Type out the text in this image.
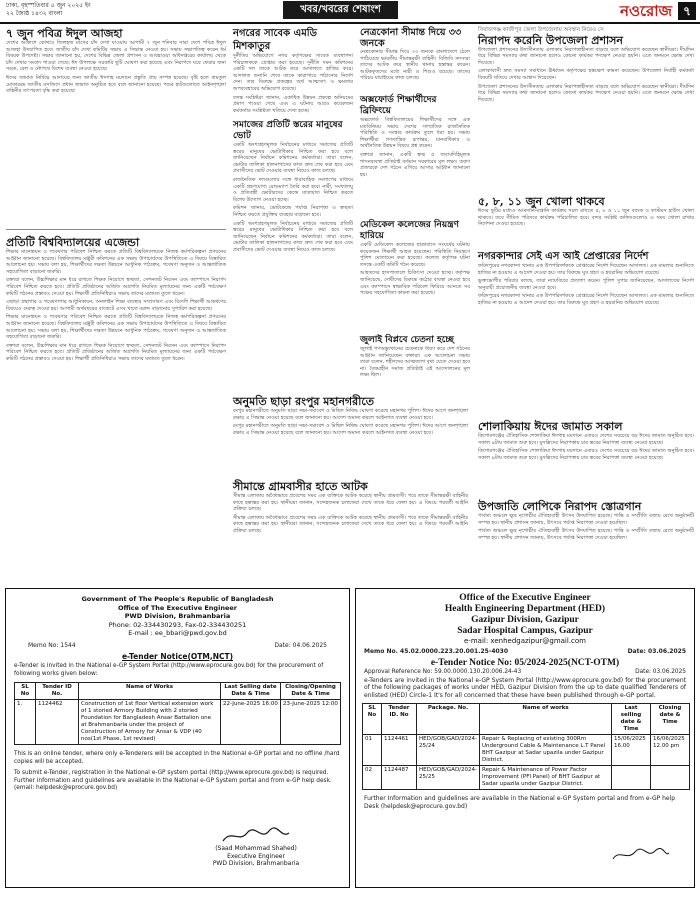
ঢাকা, বৃহস্পতিবার ৫ জুন ২০২৫ ইং
২২ জ্যৈষ্ঠ ১৪৩২ বাংলা	খবর/খবরের শেষাংশ	নওরোজ ৭
৭ জুন পবিত্র ঈদুল আজহা

দেশের আকাশে কোথাও জিলহজ মাসের চাঁদ দেখা যাওয়ায় আগামী ৭ জুন শনিবার সারা দেশে পবিত্র ঈদুল আজহা উদযাপিত হবে। জাতীয় চাঁদ দেখা কমিটির সভায় এ সিদ্ধান্ত নেওয়া হয়। সভায় সভাপতিত্ব করেন ধর্ম বিষয়ক উপদেষ্টা। সভায় জানানো হয়, দেশের বিভিন্ন জেলা প্রশাসন ও আবহাওয়া অধিদপ্তরের কার্যালয় থেকে চাঁদ দেখার সংবাদ পাওয়া গেছে। ঈদ উপলক্ষে সরকারি ছুটি ঘোষণা করা হয়েছে এবং নিরাপদে ঘরে ফেরার জন্য সড়ক, রেল ও নৌপথে বিশেষ ব্যবস্থা নেওয়া হয়েছে।

ঈদের জামাত নির্বিঘ্নে আদায়ের জন্য জাতীয় ঈদগাহ ময়দানে প্রস্তুতি প্রায় সম্পন্ন হয়েছে। বৃষ্টি হলে বায়তুল মোকাররম জাতীয় মসজিদে প্রধান জামাত অনুষ্ঠিত হবে বলে জানানো হয়েছে। পশুর হাটগুলোতে আইনশৃঙ্খলা বাহিনীর তৎপরতা বৃদ্ধি করা হয়েছে।

প্রতিটি বিশ্ববিদ্যালয়ের এজেন্ডা

শিক্ষার মানোন্নয়ন ও গবেষণার পরিবেশ নিশ্চিত করতে প্রতিটি বিশ্ববিদ্যালয়কে নিজস্ব কর্মপরিকল্পনা প্রণয়নের আহ্বান জানানো হয়েছে। বিশ্ববিদ্যালয় মঞ্জুরী কমিশনের এক সভায় উপাচার্যদের উপস্থিতিতে এ বিষয়ে বিস্তারিত আলোচনা হয়। সভায় বলা হয়, শিক্ষার্থীদের দক্ষতা উন্নয়নে আধুনিক পাঠ্যক্রম, গবেষণা অনুদান ও আন্তর্জাতিক সহযোগিতা বাড়ানো জরুরি।

বক্তারা বলেন, উচ্চশিক্ষার মান ধরে রাখতে শিক্ষক নিয়োগে স্বচ্ছতা, সেশনজট নিরসন এবং ক্যাম্পাসে নিরাপদ পরিবেশ নিশ্চিত করতে হবে। প্রতিটি প্রতিষ্ঠানের অর্জিত অগ্রগতি নিয়মিত মূল্যায়নের জন্য একটি পর্যবেক্ষণ কমিটি গঠনের প্রস্তাবও দেওয়া হয়। শিক্ষার্থী প্রতিনিধিরাও সভায় তাদের মতামত তুলে ধরেন।

এছাড়া গ্রন্থাগার ও গবেষণাগার আধুনিকায়ন, অনলাইন শিক্ষা ব্যবস্থার সম্প্রসারণ এবং বিদেশি শিক্ষার্থী আকর্ষণের বিষয়েও গুরুত্ব দেওয়া হয়। আগামী অর্থবছরের বাজেটে এসব খাতে বরাদ্দ বাড়ানোর সুপারিশ করা হয়েছে।

শিক্ষার মানোন্নয়ন ও গবেষণার পরিবেশ নিশ্চিত করতে প্রতিটি বিশ্ববিদ্যালয়কে নিজস্ব কর্মপরিকল্পনা প্রণয়নের আহ্বান জানানো হয়েছে। বিশ্ববিদ্যালয় মঞ্জুরী কমিশনের এক সভায় উপাচার্যদের উপস্থিতিতে এ বিষয়ে বিস্তারিত আলোচনা হয়। সভায় বলা হয়, শিক্ষার্থীদের দক্ষতা উন্নয়নে আধুনিক পাঠ্যক্রম, গবেষণা অনুদান ও আন্তর্জাতিক সহযোগিতা বাড়ানো জরুরি।

বক্তারা বলেন, উচ্চশিক্ষার মান ধরে রাখতে শিক্ষক নিয়োগে স্বচ্ছতা, সেশনজট নিরসন এবং ক্যাম্পাসে নিরাপদ পরিবেশ নিশ্চিত করতে হবে। প্রতিটি প্রতিষ্ঠানের অর্জিত অগ্রগতি নিয়মিত মূল্যায়নের জন্য একটি পর্যবেক্ষণ কমিটি গঠনের প্রস্তাবও দেওয়া হয়। শিক্ষার্থী প্রতিনিধিরাও সভায় তাদের মতামত তুলে ধরেন।

নগরের সাবেক এমডি মিশকাতুর

দুর্নীতির অভিযোগে নগর কর্তৃপক্ষের সাবেক ব্যবস্থাপনা পরিচালককে গ্রেপ্তার করা হয়েছে। দুর্নীতি দমন কমিশনের একটি দল তাকে আটক করে আদালতে হাজির করে। আদালত শুনানি শেষে তাকে কারাগারে পাঠানোর নির্দেশ দেন। তার বিরুদ্ধে প্রকল্পের অর্থ আত্মসাৎ ও ক্ষমতার অপব্যবহারের অভিযোগ রয়েছে।

তদন্ত সংশ্লিষ্টরা জানান, একাধিক উন্নয়ন প্রকল্পে অনিয়মের প্রমাণ পাওয়া গেছে এবং এ ঘটনায় আরও কয়েকজন কর্মকর্তার সংশ্লিষ্টতা খতিয়ে দেখা হচ্ছে।

সমাজের প্রতিটি স্তরের মানুষের ভোট

একটি অংশগ্রহণমূলক নির্বাচনের মাধ্যমে সমাজের প্রতিটি স্তরের মানুষের ভোটাধিকার নিশ্চিত করা হবে বলে জানিয়েছেন নির্বাচন কমিশনের কর্মকর্তারা। তারা বলেন, ভোটার তালিকা হালনাগাদের কাজ দ্রুত শেষ করা হবে এবং প্রবাসীদের ভোট দেওয়ার ব্যবস্থা নিয়েও কাজ চলছে।

রাজনৈতিক দলগুলোর সঙ্গে ধারাবাহিক সংলাপের মাধ্যমে একটি গ্রহণযোগ্য রোডম্যাপ তৈরি করা হবে। নারী, সংখ্যালঘু ও প্রতিবন্ধী ভোটারদের কেন্দ্রে যাতায়াত নিশ্চিত করতে বিশেষ উদ্যোগ নেওয়া হচ্ছে।

কমিশন জানায়, ভোটকেন্দ্রে পর্যাপ্ত নিরাপত্তা ও স্বচ্ছতা নিশ্চিত করতে প্রযুক্তির ব্যবহার বাড়ানো হবে।

একটি অংশগ্রহণমূলক নির্বাচনের মাধ্যমে সমাজের প্রতিটি স্তরের মানুষের ভোটাধিকার নিশ্চিত করা হবে বলে জানিয়েছেন নির্বাচন কমিশনের কর্মকর্তারা। তারা বলেন, ভোটার তালিকা হালনাগাদের কাজ দ্রুত শেষ করা হবে এবং প্রবাসীদের ভোট দেওয়ার ব্যবস্থা নিয়েও কাজ চলছে।

অনুমতি ছাড়া রংপুর মহানগরীতে

রংপুর মহানগরীতে অনুমতি ছাড়া সভা-সমাবেশ ও মিছিল নিষিদ্ধ ঘোষণা করেছে মহানগর পুলিশ। ঈদের আগে জনশৃঙ্খলা রক্ষায় এ সিদ্ধান্ত নেওয়া হয়েছে বলে জানানো হয়। আদেশ অমান্য করলে আইনগত ব্যবস্থা নেওয়া হবে।

রংপুর মহানগরীতে অনুমতি ছাড়া সভা-সমাবেশ ও মিছিল নিষিদ্ধ ঘোষণা করেছে মহানগর পুলিশ। ঈদের আগে জনশৃঙ্খলা রক্ষায় এ সিদ্ধান্ত নেওয়া হয়েছে বলে জানানো হয়। আদেশ অমান্য করলে আইনগত ব্যবস্থা নেওয়া হবে।

সীমান্তে গ্রামবাসীর হাতে আটক

সীমান্ত এলাকায় অবৈধভাবে প্রবেশের সময় এক ব্যক্তিকে আটক করেছে স্থানীয় গ্রামবাসী। পরে তাকে সীমান্তরক্ষী বাহিনীর কাছে হস্তান্তর করা হয়। স্থানীয়রা জানান, সন্দেহজনক চলাফেরা দেখে তাকে ধরে ফেলা হয়। এ বিষয়ে পরবর্তী আইনি প্রক্রিয়া চলছে।

সীমান্ত এলাকায় অবৈধভাবে প্রবেশের সময় এক ব্যক্তিকে আটক করেছে স্থানীয় গ্রামবাসী। পরে তাকে সীমান্তরক্ষী বাহিনীর কাছে হস্তান্তর করা হয়। স্থানীয়রা জানান, সন্দেহজনক চলাফেরা দেখে তাকে ধরে ফেলা হয়। এ বিষয়ে পরবর্তী আইনি প্রক্রিয়া চলছে।

নেত্রকোনা সীমান্ত দিয়ে ৩৩ জনকে

নেত্রকোনার সীমান্ত দিয়ে ৩৩ জনকে বাংলাদেশে ঠেলে পাঠিয়েছে ভারতীয় সীমান্তরক্ষী বাহিনী। বিজিবি সদস্যরা তাদের আটক করে স্থানীয় থানায় হস্তান্তর করেন। আটককৃতদের মধ্যে নারী ও শিশুও রয়েছে। তাদের পরিচয় যাচাইয়ের কাজ চলছে।

অক্সফোর্ড শিক্ষার্থীদের ব্রিফিংয়ে

অক্সফোর্ড বিশ্ববিদ্যালয়ের শিক্ষার্থীদের সঙ্গে এক মতবিনিময় সভায় দেশের সাম্প্রতিক রাজনৈতিক পরিস্থিতি ও সংস্কার কার্যক্রম তুলে ধরা হয়। সভায় শিক্ষার্থীরা গণতান্ত্রিক রূপান্তর, মানবাধিকার ও অর্থনৈতিক উন্নয়ন বিষয়ে প্রশ্ন করেন।

বক্তারা জানান, একটি স্বচ্ছ ও জবাবদিহিমূলক শাসনব্যবস্থা প্রতিষ্ঠাই বর্তমান সরকারের মূল লক্ষ্য। তরুণ প্রজন্মকে দেশ গঠনে এগিয়ে আসার আহ্বান জানানো হয়।

মেডিকেল কলেজের নিয়ন্ত্রণ হারিয়ে

একটি মেডিকেল কলেজের ছাত্রাবাসে সংঘর্ষের ঘটনায় কয়েকজন শিক্ষার্থী আহত হয়েছেন। পরিস্থিতি নিয়ন্ত্রণে পুলিশ মোতায়েন করা হয়েছে। কলেজ কর্তৃপক্ষ ঘটনা তদন্তে একটি কমিটি গঠন করেছে।

আহতদের হাসপাতালে চিকিৎসা দেওয়া হচ্ছে। কর্তৃপক্ষ জানিয়েছে, দোষীদের বিরুদ্ধে কঠোর ব্যবস্থা নেওয়া হবে এবং ক্যাম্পাসে স্বাভাবিক পরিবেশ ফিরিয়ে আনতে সব পক্ষের সহযোগিতা কামনা করা হয়েছে।

জুলাই বিপ্লবে চেতনা হচ্ছে

জুলাই গণঅভ্যুত্থানের চেতনাকে ধারণ করে দেশ গঠনের আহ্বান জানিয়েছেন বক্তারা। এক আলোচনা সভায় তারা বলেন, শহীদদের আত্মত্যাগ বৃথা যেতে দেওয়া হবে না। বৈষম্যহীন সমাজ প্রতিষ্ঠাই এই আন্দোলনের মূল লক্ষ্য ছিল।

সিরাজগঞ্জ কাজীপুর জেলা উপজেলায় অবস্থান নিয়েও সে

নিরাপদ করেনি উপজেলা প্রশাসন

উপজেলা প্রশাসনের উদাসীনতায় এলাকায় নিরাপত্তাহীনতা বাড়ছে বলে অভিযোগ করেছেন স্থানীয়রা। দীর্ঘদিন ধরে বিভিন্ন সমস্যার কথা জানানো হলেও কোনো কার্যকর পদক্ষেপ নেওয়া হয়নি। এতে জনমনে ক্ষোভ দেখা দিয়েছে।

এলাকাবাসী দ্রুত সমস্যা সমাধানে ঊর্ধ্বতন কর্তৃপক্ষের হস্তক্ষেপ কামনা করেছেন। উপজেলা নির্বাহী কর্মকর্তা বিষয়টি খতিয়ে দেখার আশ্বাস দিয়েছেন।

উপজেলা প্রশাসনের উদাসীনতায় এলাকায় নিরাপত্তাহীনতা বাড়ছে বলে অভিযোগ করেছেন স্থানীয়রা। দীর্ঘদিন ধরে বিভিন্ন সমস্যার কথা জানানো হলেও কোনো কার্যকর পদক্ষেপ নেওয়া হয়নি। এতে জনমনে ক্ষোভ দেখা দিয়েছে।

৫, ৮, ১১ জুন খোলা থাকবে

ঈদের ছুটির মধ্যেও আমদানি-রপ্তানি কার্যক্রম সচল রাখতে ৫, ৮ ও ১১ জুন ব্যাংক ও কাস্টমস হাউস খোলা থাকবে। তবে সীমিত পরিসরে কার্যক্রম পরিচালিত হবে। বন্দর সংশ্লিষ্ট অফিসগুলোও এ সময় খোলা রাখার নির্দেশনা দেওয়া হয়েছে।

নগরকান্দার সেই এস আই প্রেপ্তারের নির্দেশ

ফরিদপুরের নগরকান্দা থানার এক উপপরিদর্শককে গ্রেপ্তারের নির্দেশ দিয়েছেন আদালত। এক মামলার শুনানিতে হাজির না হওয়ায় এ আদেশ দেওয়া হয়। তার বিরুদ্ধে ঘুষ গ্রহণ ও হয়রানির অভিযোগ রয়েছে।

ভুক্তভোগীর পরিবার বলছে, তারা ন্যায়বিচার প্রত্যাশা করেন। পুলিশ সুপার জানিয়েছেন, আদালতের নির্দেশ অনুযায়ী প্রয়োজনীয় ব্যবস্থা নেওয়া হবে।

ফরিদপুরের নগরকান্দা থানার এক উপপরিদর্শককে গ্রেপ্তারের নির্দেশ দিয়েছেন আদালত। এক মামলার শুনানিতে হাজির না হওয়ায় এ আদেশ দেওয়া হয়। তার বিরুদ্ধে ঘুষ গ্রহণ ও হয়রানির অভিযোগ রয়েছে।

শোলাকিয়ায় ঈদের জামাত সকাল

কিশোরগঞ্জের ঐতিহাসিক শোলাকিয়া ঈদগাহ ময়দানে এবারও দেশের সবচেয়ে বড় ঈদের জামাত অনুষ্ঠিত হবে। সকাল ৯টায় জামাত শুরু হবে। মুসল্লিদের নিরাপত্তায় চার স্তরের নিরাপত্তা ব্যবস্থা নেওয়া হয়েছে।

কিশোরগঞ্জের ঐতিহাসিক শোলাকিয়া ঈদগাহ ময়দানে এবারও দেশের সবচেয়ে বড় ঈদের জামাত অনুষ্ঠিত হবে। সকাল ৯টায় জামাত শুরু হবে। মুসল্লিদের নিরাপত্তায় চার স্তরের নিরাপত্তা ব্যবস্থা নেওয়া হয়েছে।

উপজাতি লোপিকে নিরাপদ স্তোত্রগান

পার্বত্য অঞ্চলে ক্ষুদ্র নৃগোষ্ঠীর ঐতিহ্যবাহী উৎসব উদযাপিত হয়েছে। শান্তি ও সম্প্রীতি বজায় রেখে অনুষ্ঠানটি সম্পন্ন হয়। স্থানীয় প্রশাসন জানায়, উৎসবে পর্যাপ্ত নিরাপত্তা দেওয়া হয়েছিল।

পার্বত্য অঞ্চলে ক্ষুদ্র নৃগোষ্ঠীর ঐতিহ্যবাহী উৎসব উদযাপিত হয়েছে। শান্তি ও সম্প্রীতি বজায় রেখে অনুষ্ঠানটি সম্পন্ন হয়। স্থানীয় প্রশাসন জানায়, উৎসবে পর্যাপ্ত নিরাপত্তা দেওয়া হয়েছিল।

Government of The People's Republic of Bangladesh
Office of The Executive Engineer
PWD Division, Brahmanbaria
Phone: 02-334430293, Fax-02-334430251
E-mail : ee_bbari@pwd.gov.bd
Memo No: 1544	Date: 04.06.2025
e-Tender Notice(OTM,NCT)
e-Tender is invited in the National e-GP System Portal (http://www.eprocure.gov.bd) for the procurement of following works given below:
SL No	Tender ID No.	Name of Works	Last Selling date Date & Time	Closing/Opening Date & Time
1.	1124462	Construction of 1st floor Vertical extension work of 1 storied Armory Building with 2 storied Foundation for Bangladesh Ansar Battalion one at Brahmanbaria under the project of Construction of Armory for Ansar & VDP (40 nos(1st Phase, 1st revised)	22-June-2025 16:00	23-June-2025 12:00
This is an online tender, where only e-Tenderers will be accepted in the National e-GP portal and no offline /hard copies will be accepted.
To submit e-Tender, registration in the National e-GP system portal (http://www.eprocure.gov.bd) is required. Further information and guidelines are available in the National e-GP System portal and from e-GP help desk. (email: helpdesk@eprocure.gov.bd)
(Saad Mohammad Shahed)
Executive Engineer
PWD Division, Brahmanbaria
Office of the Executive Engineer
Health Engineering Department (HED)
Gazipur Division, Gazipur
Sadar Hospital Campus, Gazipur
e-mail: xenhedgazipur@gmail.com
Memo No. 45.02.0000.223.20.001.25-4030	Date: 03.06.2025
e-Tender Notice No: 05/2024-2025(NCT-OTM)
Approval Reference No: 59.00.0000.130.20.006.24-43	Date: 03.06.2025
e-Tenders are invited in the National e-GP System Portal (http://www.eprocure.gov.bd) for the procurement of the following packages of works under HED, Gazipur Division from the up to date qualified Tenderers of enlisted (HED) Circle-1 It's for all concerned that these have been published through e-GP portal.
SL No	Tender ID. No	Package. No.	Name of works	Last selling date & Time	Closing date & Time
01	1124461	HED/GOB/GAD/2024-25/24	Repair & Replacing of existing 300Rm Underground Cable & Maintenance L.T Panel BHT Gazipur at Sadar upazila under Gazipur District.	15/06/2025 16.00	16/06/2025 12.00 pm
02	1124487	HED/GOB/GAD/2024-25/25	Repair & Maintenance of Power Factor Improvement (PFI Panel) of BHT Gazipur at Sadar upazila under Gazipur District.		
Further Information and guidelines are available in the National e-GP System portal and from e-GP help Desk (helpdesk@eprocure.gov.bd)
